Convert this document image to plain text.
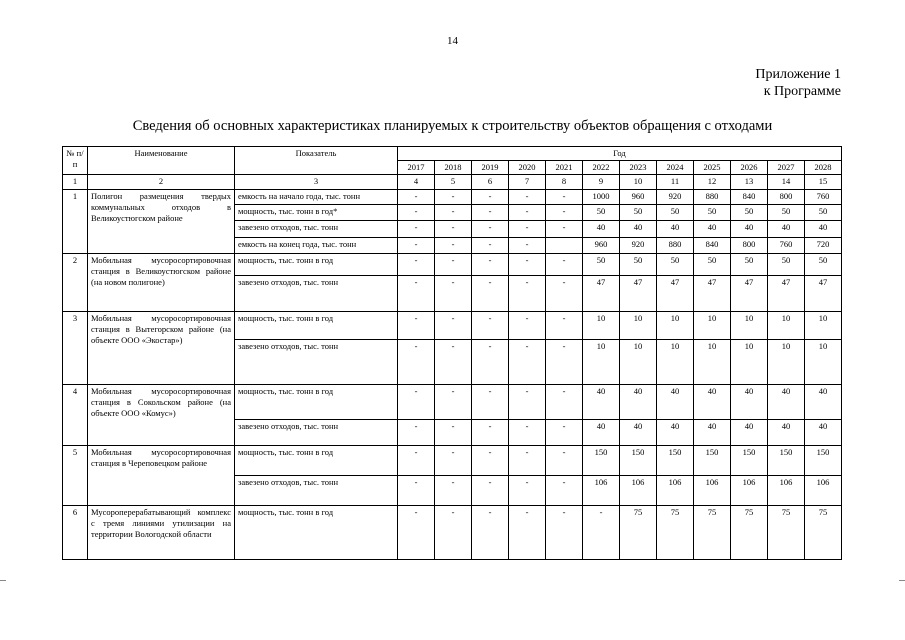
14
Приложение 1
к Программе
Сведения об основных характеристиках планируемых к строительству объектов обращения с отходами
№ п/п	Наименование	Показатель	Год											
			2017	2018	2019	2020	2021	2022	2023	2024	2025	2026	2027	2028
1	2	3	4	5	6	7	8	9	10	11	12	13	14	15
1	Полигон размещения твердых коммунальных отходов в Великоустюгском районе	емкость на начало года, тыс. тонн	-	-	-	-	-	1000	960	920	880	840	800	760
		мощность, тыс. тонн в год*	-	-	-	-	-	50	50	50	50	50	50	50
		завезено отходов, тыс. тонн	-	-	-	-	-	40	40	40	40	40	40	40
		емкость на конец года, тыс. тонн	-	-	-	-		960	920	880	840	800	760	720
2	Мобильная мусоросортировочная станция в Великоустюгском районе (на новом полигоне)	мощность, тыс. тонн в год	-	-	-	-	-	50	50	50	50	50	50	50
		завезено отходов, тыс. тонн	-	-	-	-	-	47	47	47	47	47	47	47
3	Мобильная мусоросортировочная станция в Вытегорском районе (на объекте ООО «Экостар»)	мощность, тыс. тонн в год	-	-	-	-	-	10	10	10	10	10	10	10
		завезено отходов, тыс. тонн	-	-	-	-	-	10	10	10	10	10	10	10
4	Мобильная мусоросортировочная станция в Сокольском районе (на объекте ООО «Комус»)	мощность, тыс. тонн в год	-	-	-	-	-	40	40	40	40	40	40	40
		завезено отходов, тыс. тонн	-	-	-	-	-	40	40	40	40	40	40	40
5	Мобильная мусоросортировочная станция в Череповецком районе	мощность, тыс. тонн в год	-	-	-	-	-	150	150	150	150	150	150	150
		завезено отходов, тыс. тонн	-	-	-	-	-	106	106	106	106	106	106	106
6	Мусороперерабатывающий комплекс с тремя линиями утилизации на территории Вологодской области	мощность, тыс. тонн в год	-	-	-	-	-	-	75	75	75	75	75	75
